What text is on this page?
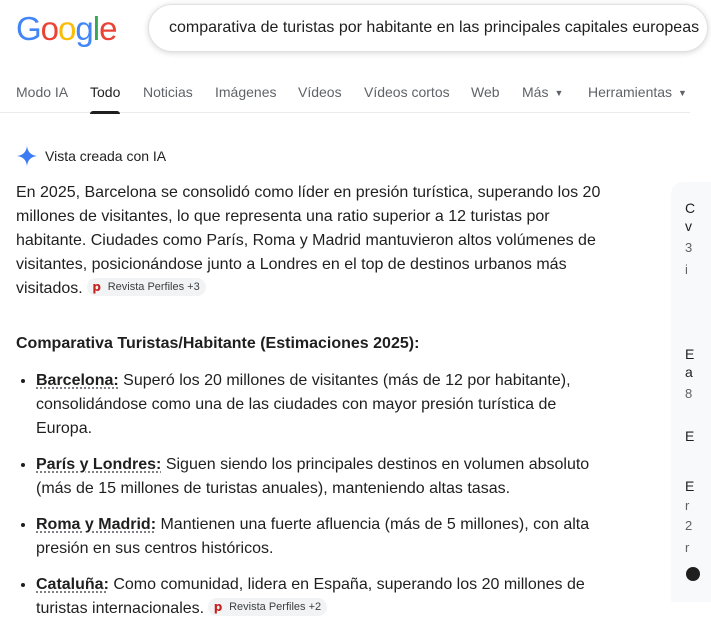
Google
comparativa de turistas por habitante en las principales capitales europeas
Modo IA Todo Noticias Imágenes Vídeos Vídeos cortos Web Más ▼ Herramientas ▼
Vista creada con IA

En 2025, Barcelona se consolidó como líder en presión turística, superando los 20 millones de visitantes, lo que representa una ratio superior a 12 turistas por habitante. Ciudades como París, Roma y Madrid mantuvieron altos volúmenes de visitantes, posicionándose junto a Londres en el top de destinos urbanos más visitados. p Revista Perfiles +3

Comparativa Turistas/Habitante (Estimaciones 2025):

• Barcelona: Superó los 20 millones de visitantes (más de 12 por habitante), consolidándose como una de las ciudades con mayor presión turística de Europa.
• París y Londres: Siguen siendo los principales destinos en volumen absoluto (más de 15 millones de turistas anuales), manteniendo altas tasas.
• Roma y Madrid: Mantienen una fuerte afluencia (más de 5 millones), con alta presión en sus centros históricos.
• Cataluña: Como comunidad, lidera en España, superando los 20 millones de turistas internacionales. p Revista Perfiles +2
C
v
3
i
E
a
8
E
E
r
2
r
